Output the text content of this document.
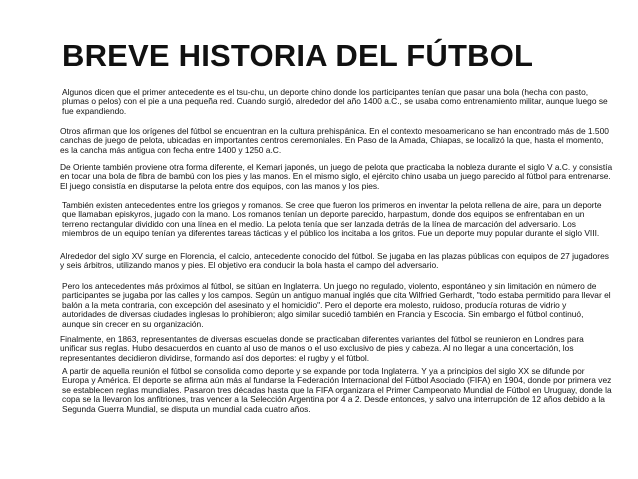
BREVE HISTORIA DEL FÚTBOL

Algunos dicen que el primer antecedente es el tsu-chu, un deporte chino donde los participantes tenían que pasar una bola (hecha con pasto, plumas o pelos) con el pie a una pequeña red. Cuando surgió, alrededor del año 1400 a.C., se usaba como entrenamiento militar, aunque luego se fue expandiendo.

Otros afirman que los orígenes del fútbol se encuentran en la cultura prehispánica. En el contexto mesoamericano se han encontrado más de 1.500 canchas de juego de pelota, ubicadas en importantes centros ceremoniales. En Paso de la Amada, Chiapas, se localizó la que, hasta el momento, es la cancha más antigua con fecha entre 1400 y 1250 a.C.

De Oriente también proviene otra forma diferente, el Kemari japonés, un juego de pelota que practicaba la nobleza durante el siglo V a.C. y consistía en tocar una bola de fibra de bambú con los pies y las manos. En el mismo siglo, el ejército chino usaba un juego parecido al fútbol para entrenarse. El juego consistía en disputarse la pelota entre dos equipos, con las manos y los pies.

También existen antecedentes entre los griegos y romanos. Se cree que fueron los primeros en inventar la pelota rellena de aire, para un deporte que llamaban episkyros, jugado con la mano. Los romanos tenían un deporte parecido, harpastum, donde dos equipos se enfrentaban en un terreno rectangular dividido con una línea en el medio. La pelota tenía que ser lanzada detrás de la línea de marcación del adversario. Los miembros de un equipo tenían ya diferentes tareas tácticas y el público los incitaba a los gritos. Fue un deporte muy popular durante el siglo VIII.

Alrededor del siglo XV surge en Florencia, el calcio, antecedente conocido del fútbol. Se jugaba en las plazas públicas con equipos de 27 jugadores y seis árbitros, utilizando manos y pies. El objetivo era conducir la bola hasta el campo del adversario.

Pero los antecedentes más próximos al fútbol, se sitúan en Inglaterra. Un juego no regulado, violento, espontáneo y sin limitación en número de participantes se jugaba por las calles y los campos. Según un antiguo manual inglés que cita Wilfried Gerhardt, "todo estaba permitido para llevar el balón a la meta contraria, con excepción del asesinato y el homicidio". Pero el deporte era molesto, ruidoso, producía roturas de vidrio y autoridades de diversas ciudades inglesas lo prohibieron; algo similar sucedió también en Francia y Escocia. Sin embargo el fútbol continuó, aunque sin crecer en su organización.

Finalmente, en 1863, representantes de diversas escuelas donde se practicaban diferentes variantes del fútbol se reunieron en Londres para unificar sus reglas. Hubo desacuerdos en cuanto al uso de manos o el uso exclusivo de pies y cabeza. Al no llegar a una concertación, los representantes decidieron dividirse, formando así dos deportes: el rugby y el fútbol.

A partir de aquella reunión el fútbol se consolida como deporte y se expande por toda Inglaterra. Y ya a principios del siglo XX se difunde por Europa y América. El deporte se afirma aún más al fundarse la Federación Internacional del Fútbol Asociado (FIFA) en 1904, donde por primera vez se establecen reglas mundiales. Pasaron tres décadas hasta que la FIFA organizara el Primer Campeonato Mundial de Fútbol en Uruguay, donde la copa se la llevaron los anfitriones, tras vencer a la Selección Argentina por 4 a 2. Desde entonces, y salvo una interrupción de 12 años debido a la Segunda Guerra Mundial, se disputa un mundial cada cuatro años.
